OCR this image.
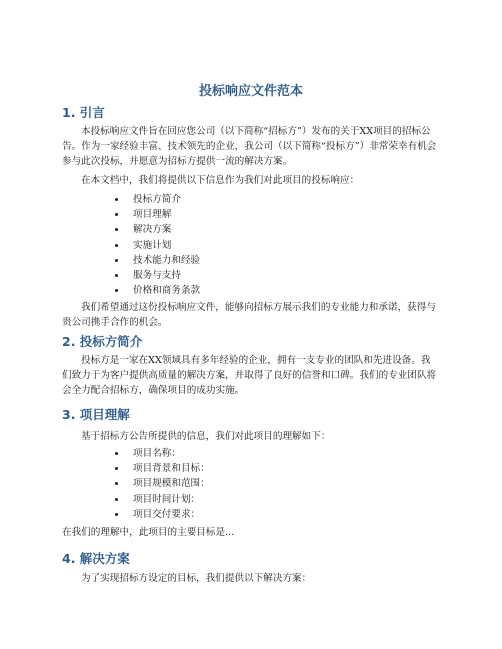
投标响应文件范本
1. 引言

本投标响应文件旨在回应您公司（以下简称“招标方”）发布的关于XX项目的招标公告。作为一家经验丰富、技术领先的企业，我公司（以下简称“投标方”）非常荣幸有机会参与此次投标，并愿意为招标方提供一流的解决方案。

在本文档中，我们将提供以下信息作为我们对此项目的投标响应：

投标方简介
项目理解
解决方案
实施计划
技术能力和经验
服务与支持
价格和商务条款

我们希望通过这份投标响应文件，能够向招标方展示我们的专业能力和承诺，获得与贵公司携手合作的机会。

2. 投标方简介

投标方是一家在XX领域具有多年经验的企业，拥有一支专业的团队和先进设备。我们致力于为客户提供高质量的解决方案，并取得了良好的信誉和口碑。我们的专业团队将会全力配合招标方，确保项目的成功实施。

3. 项目理解

基于招标方公告所提供的信息，我们对此项目的理解如下：

项目名称：
项目背景和目标：
项目规模和范围：
项目时间计划：
项目交付要求：

在我们的理解中，此项目的主要目标是...

4. 解决方案

为了实现招标方设定的目标，我们提供以下解决方案：
